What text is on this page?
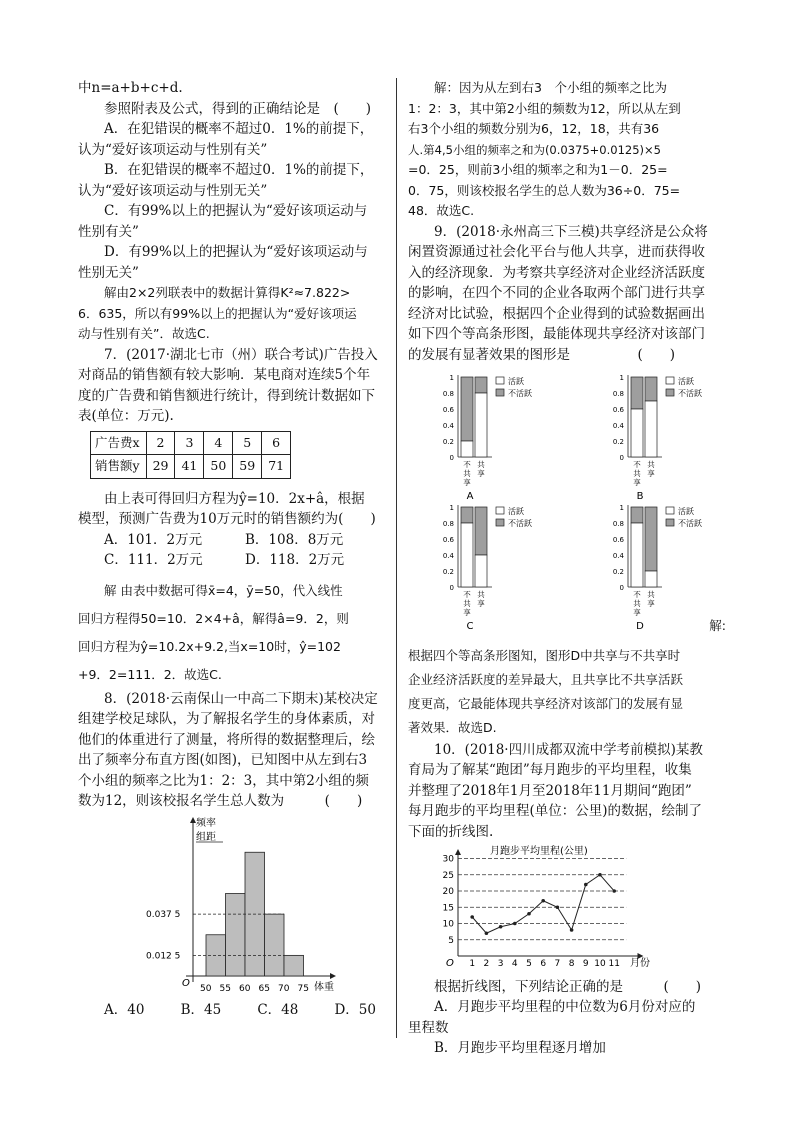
中n=a+b+c+d.

参照附表及公式，得到的正确结论是　(　　)

A．在犯错误的概率不超过0．1%的前提下，

认为“爱好该项运动与性别有关”

B．在犯错误的概率不超过0．1%的前提下，

认为“爱好该项运动与性别无关”

C．有99%以上的把握认为“爱好该项运动与

性别有关”

D．有99%以上的把握认为“爱好该项运动与

性别无关”

解由2×2列联表中的数据计算得K²≈7.822>

6．635，所以有99%以上的把握认为“爱好该项运

动与性别有关”．故选C.

7．(2017·湖北七市（州）联合考试)广告投入

对商品的销售额有较大影响．某电商对连续5个年

度的广告费和销售额进行统计，得到统计数据如下

表(单位：万元).

广告费x	2	3	4	5	6
销售额y	29	41	50	59	71

由上表可得回归方程为ŷ=10．2x+â，根据

模型，预测广告费为10万元时的销售额约为(　　)

A．101．2万元	B．108．8万元
C．111．2万元	D．118．2万元

解 由表中数据可得x̄=4，ȳ=50，代入线性

回归方程得50=10．2×4+â，解得â=9．2，则

回归方程为ŷ=10.2x+9.2,当x=10时，ŷ=102

+9．2=111．2．故选C.

8．(2018·云南保山一中高二下期末)某校决定

组建学校足球队，为了解报名学生的身体素质，对

他们的体重进行了测量，将所得的数据整理后，绘

出了频率分布直方图(如图)，已知图中从左到右3

个小组的频率之比为1：2：3，其中第2小组的频

数为12，则该校报名学生总人数为　　　(　　)

频率
组距
O	体重
50 55 60 65 70 75
0.037 5
0.012 5
A．40	B．45	C．48	D．50

解：因为从左到右3　个小组的频率之比为

1：2：3，其中第2小组的频数为12，所以从左到

右3个小组的频数分别为6，12，18，共有36

人.第4,5小组的频率之和为(0.0375+0.0125)×5

=0．25，则前3小组的频率之和为1－0．25=

0．75，则该校报名学生的总人数为36÷0．75=

48．故选C.

9．(2018·永州高三下三模)共享经济是公众将

闲置资源通过社会化平台与他人共享，进而获得收

入的经济现象．为考察共享经济对企业经济活跃度

的影响，在四个不同的企业各取两个部门进行共享

经济对比试验，根据四个企业得到的试验数据画出

如下四个等高条形图，最能体现共享经济对该部门

的发展有显著效果的图形是　　　　　(　　)

1
0.8
0.6
0.4
0.2
0
不
共
享
共
享
活跃
不活跃
A
1
0.8
0.6
0.4
0.2
0
不
共
享
共
享
活跃
不活跃
B
1
0.8
0.6
0.4
0.2
0
不
共
享
共
享
活跃
不活跃
C
1
0.8
0.6
0.4
0.2
0
不
共
享
共
享
活跃
不活跃
D	解:

根据四个等高条形图知，图形D中共享与不共享时

企业经济活跃度的差异最大，且共享比不共享活跃

度更高，它最能体现共享经济对该部门的发展有显

著效果．故选D.

10．(2018·四川成都双流中学考前模拟)某教

育局为了解某“跑团”每月跑步的平均里程，收集

并整理了2018年1月至2018年11月期间“跑团”

每月跑步的平均里程(单位：公里)的数据，绘制了

下面的折线图.

月跑步平均里程(公里)
O	月份
30
25
20
15
10
5
1 2 3 4 5 6 7 8 9 10 11

根据折线图，下列结论正确的是　　　(　　)

A．月跑步平均里程的中位数为6月份对应的

里程数

B．月跑步平均里程逐月增加
